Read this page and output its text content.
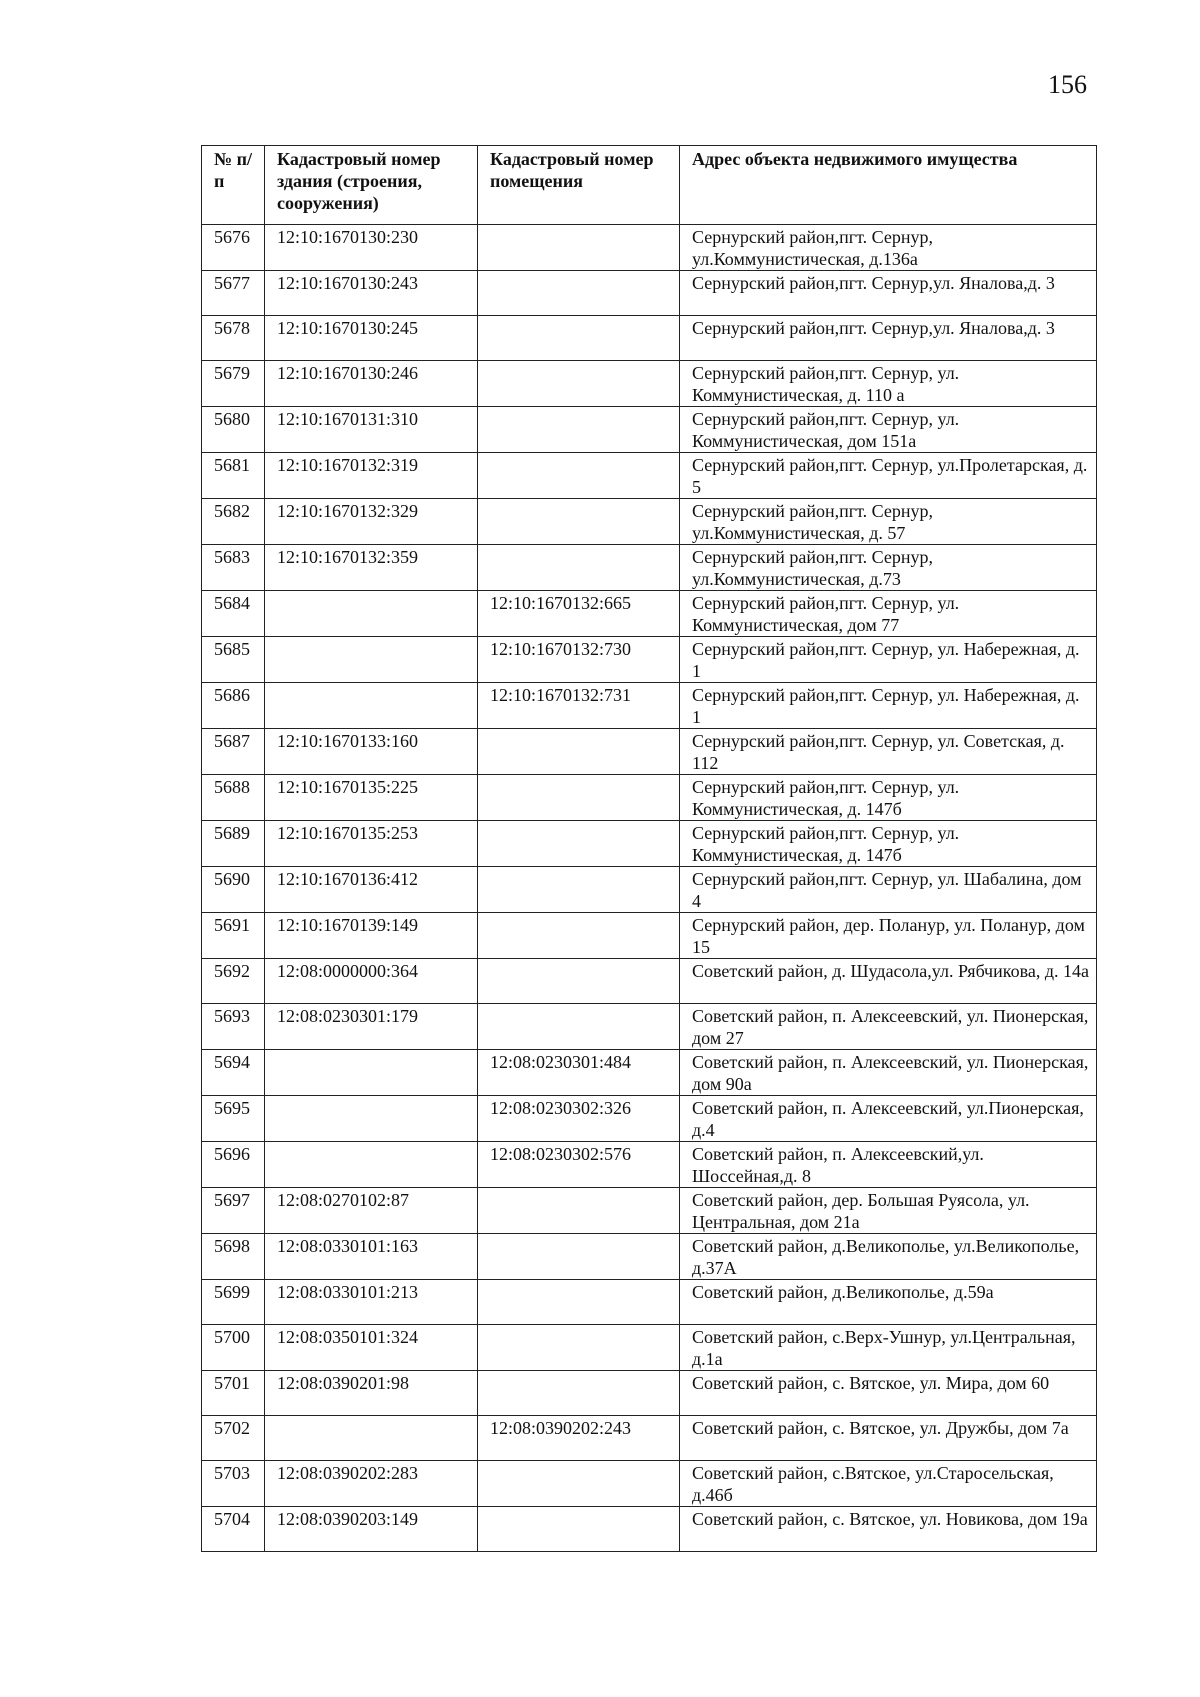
156
№ п/п	Кадастровый номер здания (строения, сооружения)	Кадастровый номер помещения	Адрес объекта недвижимого имущества
5676	12:10:1670130:230		Сернурский район,пгт. Сернур, ул.Коммунистическая, д.136а
5677	12:10:1670130:243		Сернурский район,пгт. Сернур,ул. Яналова,д. 3
5678	12:10:1670130:245		Сернурский район,пгт. Сернур,ул. Яналова,д. 3
5679	12:10:1670130:246		Сернурский район,пгт. Сернур, ул. Коммунистическая, д. 110 а
5680	12:10:1670131:310		Сернурский район,пгт. Сернур, ул. Коммунистическая, дом 151а
5681	12:10:1670132:319		Сернурский район,пгт. Сернур, ул.Пролетарская, д. 5
5682	12:10:1670132:329		Сернурский район,пгт. Сернур, ул.Коммунистическая, д. 57
5683	12:10:1670132:359		Сернурский район,пгт. Сернур, ул.Коммунистическая, д.73
5684		12:10:1670132:665	Сернурский район,пгт. Сернур, ул. Коммунистическая, дом 77
5685		12:10:1670132:730	Сернурский район,пгт. Сернур, ул. Набережная, д. 1
5686		12:10:1670132:731	Сернурский район,пгт. Сернур, ул. Набережная, д. 1
5687	12:10:1670133:160		Сернурский район,пгт. Сернур, ул. Советская, д. 112
5688	12:10:1670135:225		Сернурский район,пгт. Сернур, ул. Коммунистическая, д. 147б
5689	12:10:1670135:253		Сернурский район,пгт. Сернур, ул. Коммунистическая, д. 147б
5690	12:10:1670136:412		Сернурский район,пгт. Сернур, ул. Шабалина, дом 4
5691	12:10:1670139:149		Сернурский район, дер. Поланур, ул. Поланур, дом 15
5692	12:08:0000000:364		Советский район, д. Шудасола,ул. Рябчикова, д. 14а
5693	12:08:0230301:179		Советский район, п. Алексеевский, ул. Пионерская, дом 27
5694		12:08:0230301:484	Советский район, п. Алексеевский, ул. Пионерская, дом 90а
5695		12:08:0230302:326	Советский район, п. Алексеевский, ул.Пионерская, д.4
5696		12:08:0230302:576	Советский район, п. Алексеевский,ул. Шоссейная,д. 8
5697	12:08:0270102:87		Советский район, дер. Большая Руясола, ул. Центральная, дом 21а
5698	12:08:0330101:163		Советский район, д.Великополье, ул.Великополье, д.37А
5699	12:08:0330101:213		Советский район, д.Великополье, д.59а
5700	12:08:0350101:324		Советский район, с.Верх-Ушнур, ул.Центральная, д.1а
5701	12:08:0390201:98		Советский район, с. Вятское, ул. Мира, дом 60
5702		12:08:0390202:243	Советский район, с. Вятское, ул. Дружбы, дом 7а
5703	12:08:0390202:283		Советский район, с.Вятское, ул.Старосельская, д.46б
5704	12:08:0390203:149		Советский район, с. Вятское, ул. Новикова, дом 19а
